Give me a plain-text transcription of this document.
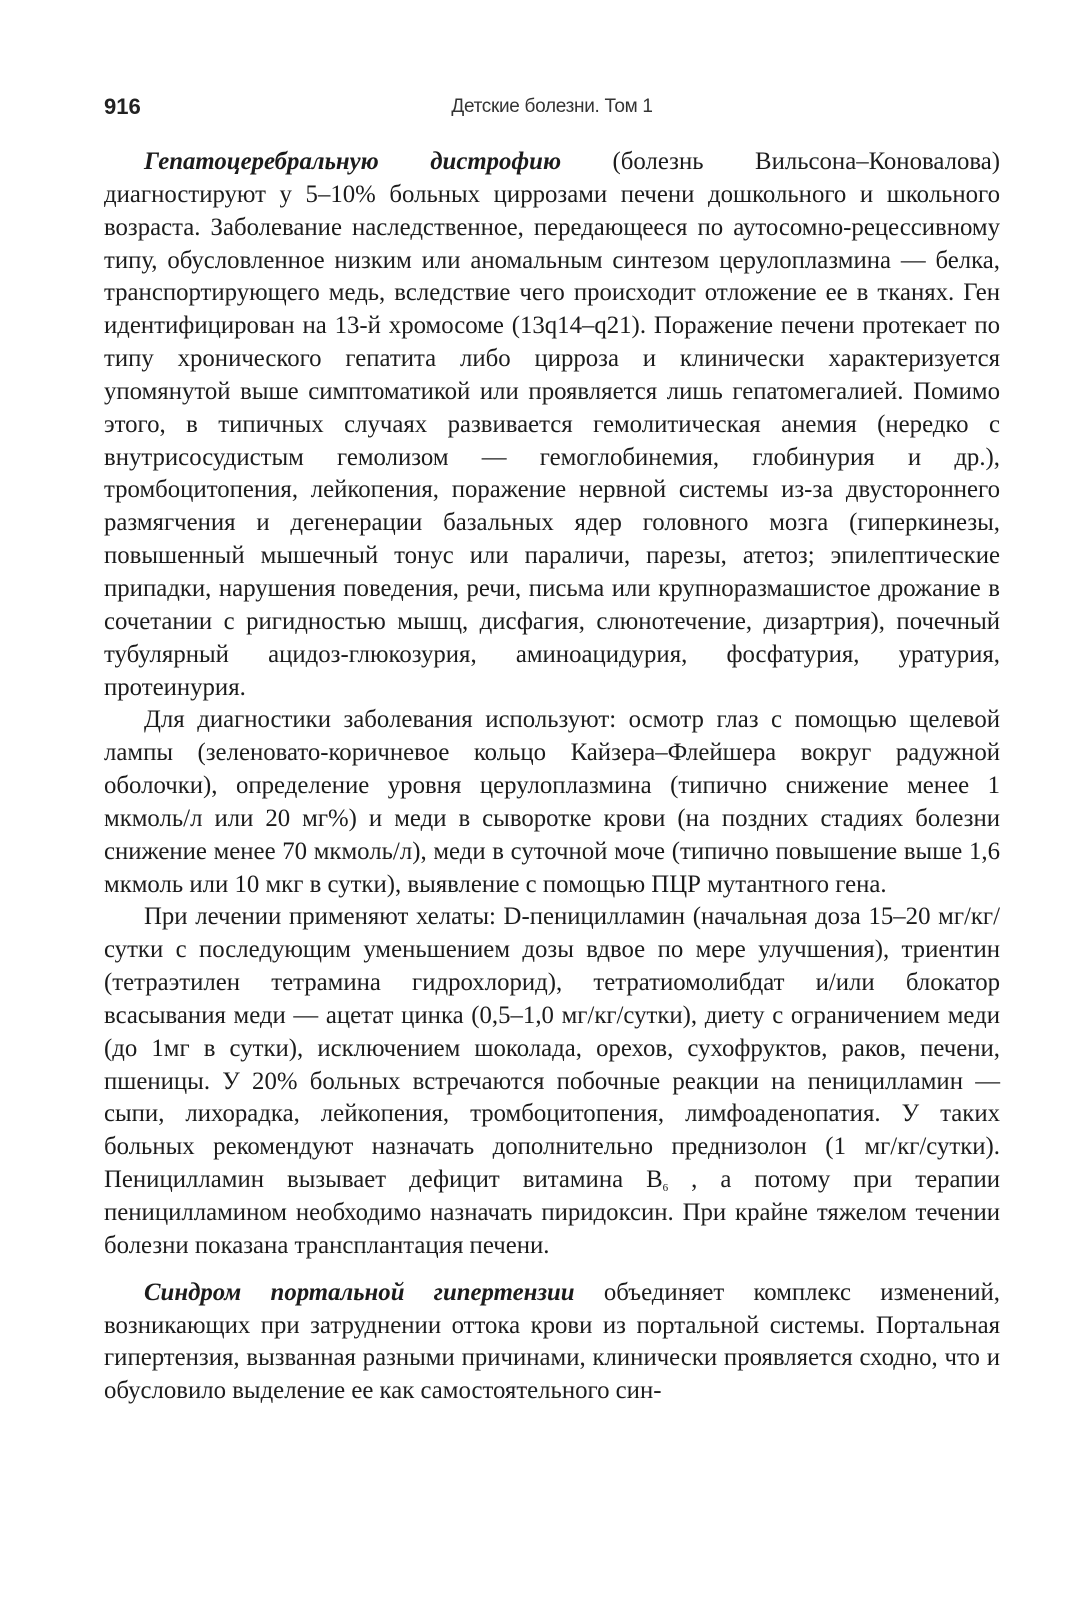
916	Детские болезни. Том 1

Гепатоцеребральную дистрофию (болезнь Вильсона–Коновалова) диагностируют у 5–10% больных циррозами печени дошкольного и школьного возраста. Заболевание наследственное, передающееся по аутосомно-рецессивному типу, обусловленное низким или аномальным синтезом церулоплазмина — белка, транспортирующего медь, вследствие чего происходит отложение ее в тканях. Ген идентифицирован на 13-й хромосоме (13q14–q21). Поражение печени протекает по типу хронического гепатита либо цирроза и клинически характеризуется упомянутой выше симптоматикой или проявляется лишь гепатомегалией. Помимо этого, в типичных случаях развивается гемолитическая анемия (нередко с внутрисосудистым гемолизом — гемоглобинемия, глобинурия и др.), тромбоцитопения, лейкопения, поражение нервной системы из-за двустороннего размягчения и дегенерации базальных ядер головного мозга (гиперкинезы, повышенный мышечный тонус или параличи, парезы, атетоз; эпилептические припадки, нарушения поведения, речи, письма или крупноразмашистое дрожание в сочетании с ригидностью мышц, дисфагия, слюнотечение, дизартрия), почечный тубулярный ацидоз-глюкозурия, аминоацидурия, фосфатурия, уратурия, протеинурия.

Для диагностики заболевания используют: осмотр глаз с помощью щелевой лампы (зеленовато-коричневое кольцо Кайзера–Флейшера вокруг радужной оболочки), определение уровня церулоплазмина (типично снижение менее 1 мкмоль/л или 20 мг%) и меди в сыворотке крови (на поздних стадиях болезни снижение менее 70 мкмоль/л), меди в суточной моче (типично повышение выше 1,6 мкмоль или 10 мкг в сутки), выявление с помощью ПЦР мутантного гена.

При лечении применяют хелаты: D-пеницилламин (начальная доза 15–20 мг/кг/сутки с последующим уменьшением дозы вдвое по мере улучшения), триентин (тетраэтилен тетрамина гидрохлорид), тетратиомолибдат и/или блокатор всасывания меди — ацетат цинка (0,5–1,0 мг/кг/сутки), диету с ограничением меди (до 1мг в сутки), исключением шоколада, орехов, сухофруктов, раков, печени, пшеницы. У 20% больных встречаются побочные реакции на пеницилламин — сыпи, лихорадка, лейкопения, тромбоцитопения, лимфоаденопатия. У таких больных рекомендуют назначать дополнительно преднизолон (1 мг/кг/сутки). Пеницилламин вызывает дефицит витамина $B_6$ , а потому при терапии пеницилламином необходимо назначать пиридоксин. При крайне тяжелом течении болезни показана трансплантация печени.

Синдром портальной гипертензии объединяет комплекс изменений, возникающих при затруднении оттока крови из портальной системы. Портальная гипертензия, вызванная разными причинами, клинически проявляется сходно, что и обусловило выделение ее как самостоятельного син-
